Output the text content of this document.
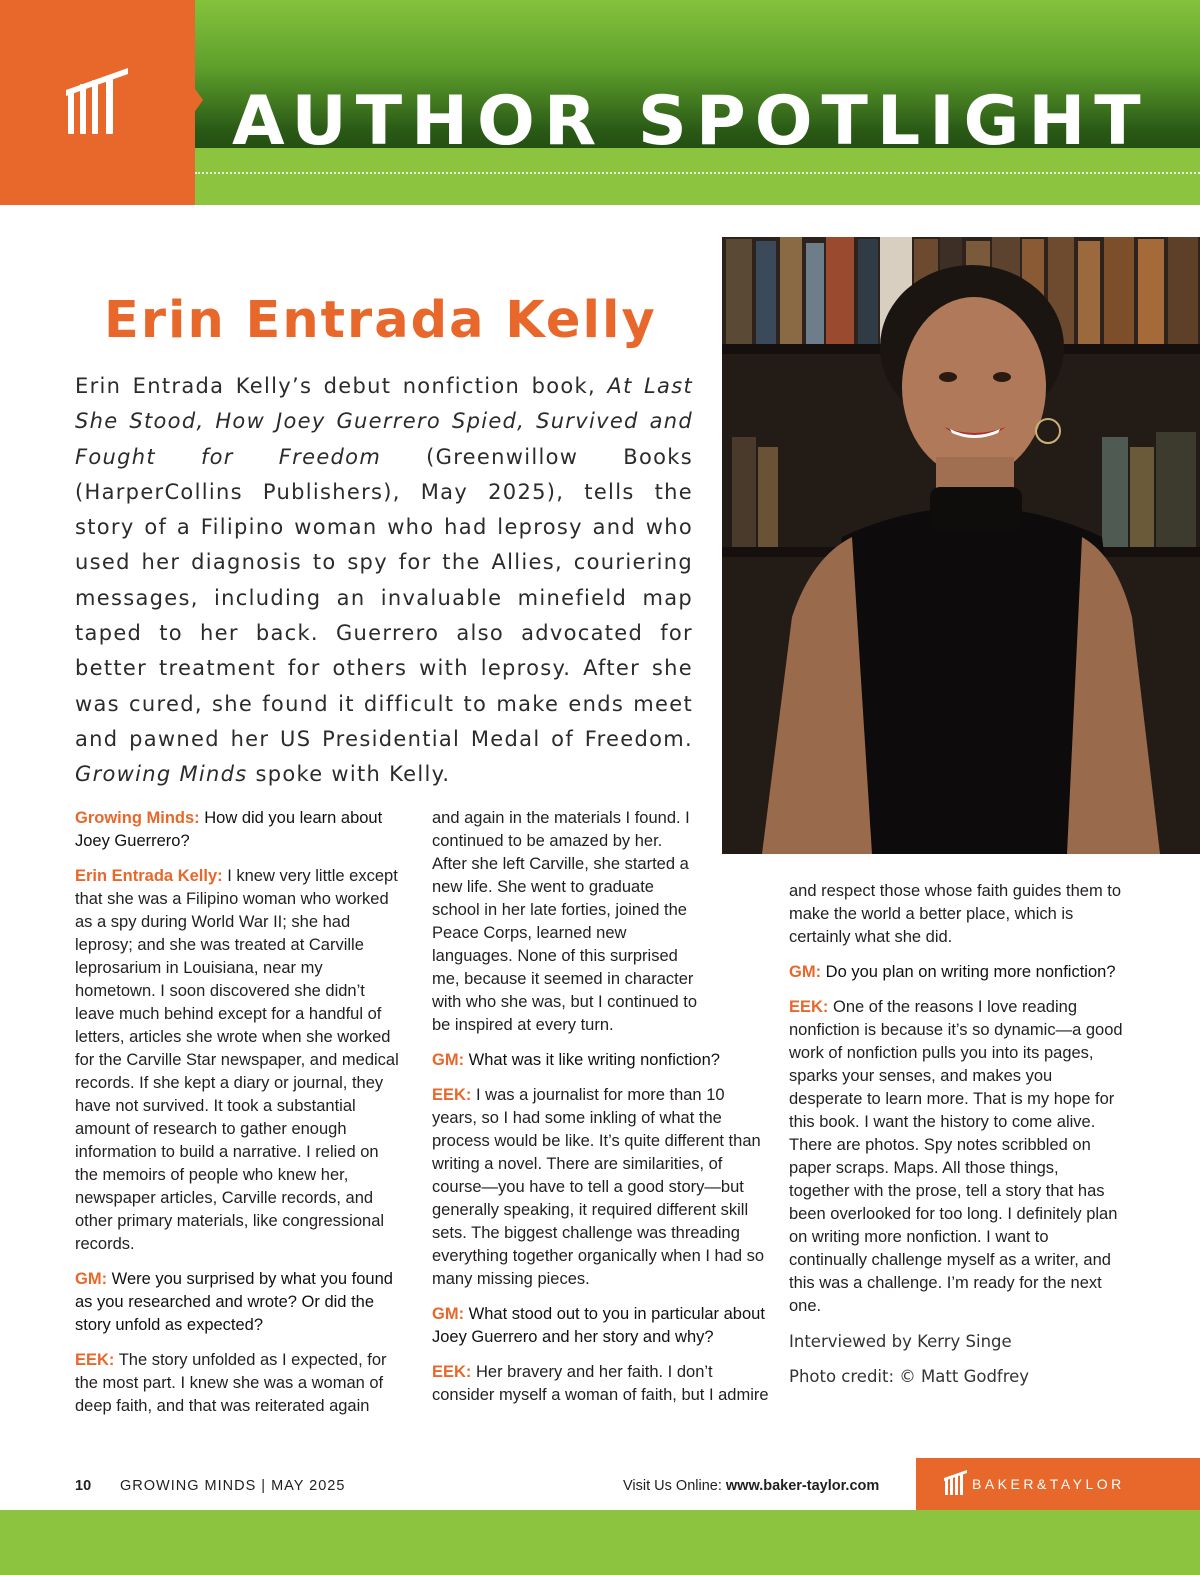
AUTHOR SPOTLIGHT
Erin Entrada Kelly

Erin Entrada Kelly’s debut nonfiction book, At Last She Stood, How Joey Guerrero Spied, Survived and Fought for Freedom (Greenwillow Books (HarperCollins Publishers), May 2025), tells the story of a Filipino woman who had leprosy and who used her diagnosis to spy for the Allies, couriering messages, including an invaluable minefield map taped to her back. Guerrero also advocated for better treatment for others with leprosy. After she was cured, she found it difficult to make ends meet and pawned her US Presidential Medal of Freedom. Growing Minds spoke with Kelly.

Growing Minds: How did you learn about Joey Guerrero?

Erin Entrada Kelly: I knew very little except that she was a Filipino woman who worked as a spy during World War II; she had leprosy; and she was treated at Carville leprosarium in Louisiana, near my hometown. I soon discovered she didn’t leave much behind except for a handful of letters, articles she wrote when she worked for the Carville Star newspaper, and medical records. If she kept a diary or journal, they have not survived. It took a substantial amount of research to gather enough information to build a narrative. I relied on the memoirs of people who knew her, newspaper articles, Carville records, and other primary materials, like congressional records.

GM: Were you surprised by what you found as you researched and wrote? Or did the story unfold as expected?

EEK: The story unfolded as I expected, for the most part. I knew she was a woman of deep faith, and that was reiterated again

and again in the materials I found. I continued to be amazed by her. After she left Carville, she started a new life. She went to graduate school in her late forties, joined the Peace Corps, learned new languages. None of this surprised me, because it seemed in character with who she was, but I continued to be inspired at every turn.

GM: What was it like writing nonfiction?

EEK: I was a journalist for more than 10 years, so I had some inkling of what the process would be like. It’s quite different than writing a novel. There are similarities, of course—you have to tell a good story—but generally speaking, it required different skill sets. The biggest challenge was threading everything together organically when I had so many missing pieces.

GM: What stood out to you in particular about Joey Guerrero and her story and why?

EEK: Her bravery and her faith. I don’t consider myself a woman of faith, but I admire

and respect those whose faith guides them to make the world a better place, which is certainly what she did.

GM: Do you plan on writing more nonfiction?

EEK: One of the reasons I love reading nonfiction is because it’s so dynamic—a good work of nonfiction pulls you into its pages, sparks your senses, and makes you desperate to learn more. That is my hope for this book. I want the history to come alive. There are photos. Spy notes scribbled on paper scraps. Maps. All those things, together with the prose, tell a story that has been overlooked for too long. I definitely plan on writing more nonfiction. I want to continually challenge myself as a writer, and this was a challenge. I’m ready for the next one.

Interviewed by Kerry Singe

Photo credit: © Matt Godfrey

10 GROWING MINDS | MAY 2025	Visit Us Online: www.baker-taylor.com	BAKER&TAYLOR
